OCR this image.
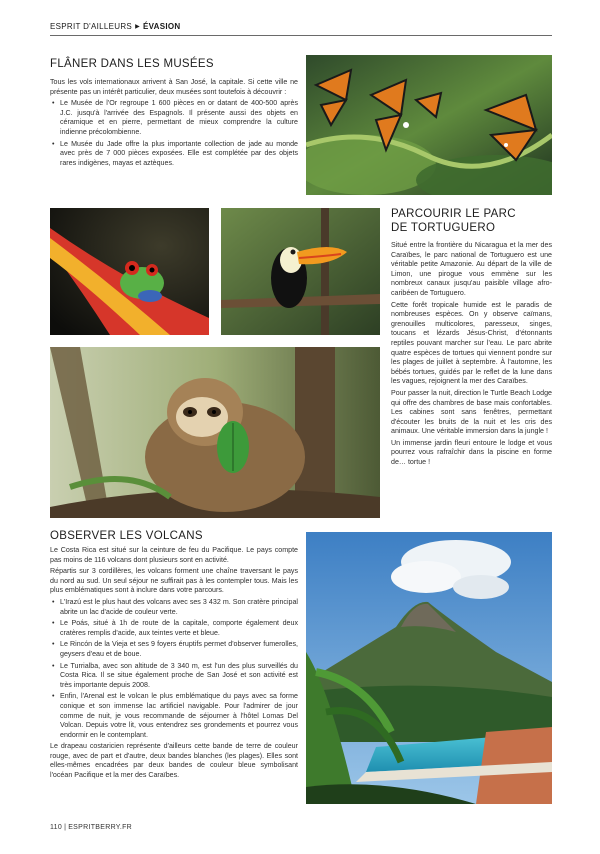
ESPRIT D'AILLEURS ▶ ÉVASION
FLÂNER DANS LES MUSÉES

Tous les vols internationaux arrivent à San José, la capitale. Si cette ville ne présente pas un intérêt particulier, deux musées sont toutefois à découvrir :

• Le Musée de l'Or regroupe 1 600 pièces en or datant de 400-500 après J.C. jusqu'à l'arrivée des Espagnols. Il présente aussi des objets en céramique et en pierre, permettant de mieux comprendre la culture indienne précolombienne.
• Le Musée du Jade offre la plus importante collection de jade au monde avec près de 7 000 pièces exposées. Elle est complétée par des objets rares indigènes, mayas et aztèques.
PARCOURIR LE PARC
DE TORTUGUERO

Situé entre la frontière du Nicaragua et la mer des Caraïbes, le parc national de Tortuguero est une véritable petite Amazonie. Au départ de la ville de Limon, une pirogue vous emmène sur les nombreux canaux jusqu'au paisible village afro-caribéen de Tortuguero.

Cette forêt tropicale humide est le paradis de nombreuses espèces. On y observe caïmans, grenouilles multicolores, paresseux, singes, toucans et lézards Jésus-Christ, d'étonnants reptiles pouvant marcher sur l'eau. Le parc abrite quatre espèces de tortues qui viennent pondre sur les plages de juillet à septembre. À l'automne, les bébés tortues, guidés par le reflet de la lune dans les vagues, rejoignent la mer des Caraïbes.

Pour passer la nuit, direction le Turtle Beach Lodge qui offre des chambres de base mais confortables. Les cabines sont sans fenêtres, permettant d'écouter les bruits de la nuit et les cris des animaux. Une véritable immersion dans la jungle !

Un immense jardin fleuri entoure le lodge et vous pourrez vous rafraîchir dans la piscine en forme de… tortue !

OBSERVER LES VOLCANS

Le Costa Rica est situé sur la ceinture de feu du Pacifique. Le pays compte pas moins de 116 volcans dont plusieurs sont en activité.

Répartis sur 3 cordillères, les volcans forment une chaîne traversant le pays du nord au sud. Un seul séjour ne suffirait pas à les contempler tous. Mais les plus emblématiques sont à inclure dans votre parcours.

• L'Irazú est le plus haut des volcans avec ses 3 432 m. Son cratère principal abrite un lac d'acide de couleur verte.
• Le Poás, situé à 1h de route de la capitale, comporte également deux cratères remplis d'acide, aux teintes verte et bleue.
• Le Rincón de la Vieja et ses 9 foyers éruptifs permet d'observer fumerolles, geysers d'eau et de boue.
• Le Turrialba, avec son altitude de 3 340 m, est l'un des plus surveillés du Costa Rica. Il se situe également proche de San José et son activité est très importante depuis 2008.
• Enfin, l'Arenal est le volcan le plus emblématique du pays avec sa forme conique et son immense lac artificiel navigable. Pour l'admirer de jour comme de nuit, je vous recommande de séjourner à l'hôtel Lomas Del Volcan. Depuis votre lit, vous entendrez ses grondements et pourrez vous endormir en le contemplant.

Le drapeau costaricien représente d'ailleurs cette bande de terre de couleur rouge, avec de part et d'autre, deux bandes blanches (les plages). Elles sont elles-mêmes encadrées par deux bandes de couleur bleue symbolisant l'océan Pacifique et la mer des Caraïbes.

110 | ESPRITBERRY.FR
